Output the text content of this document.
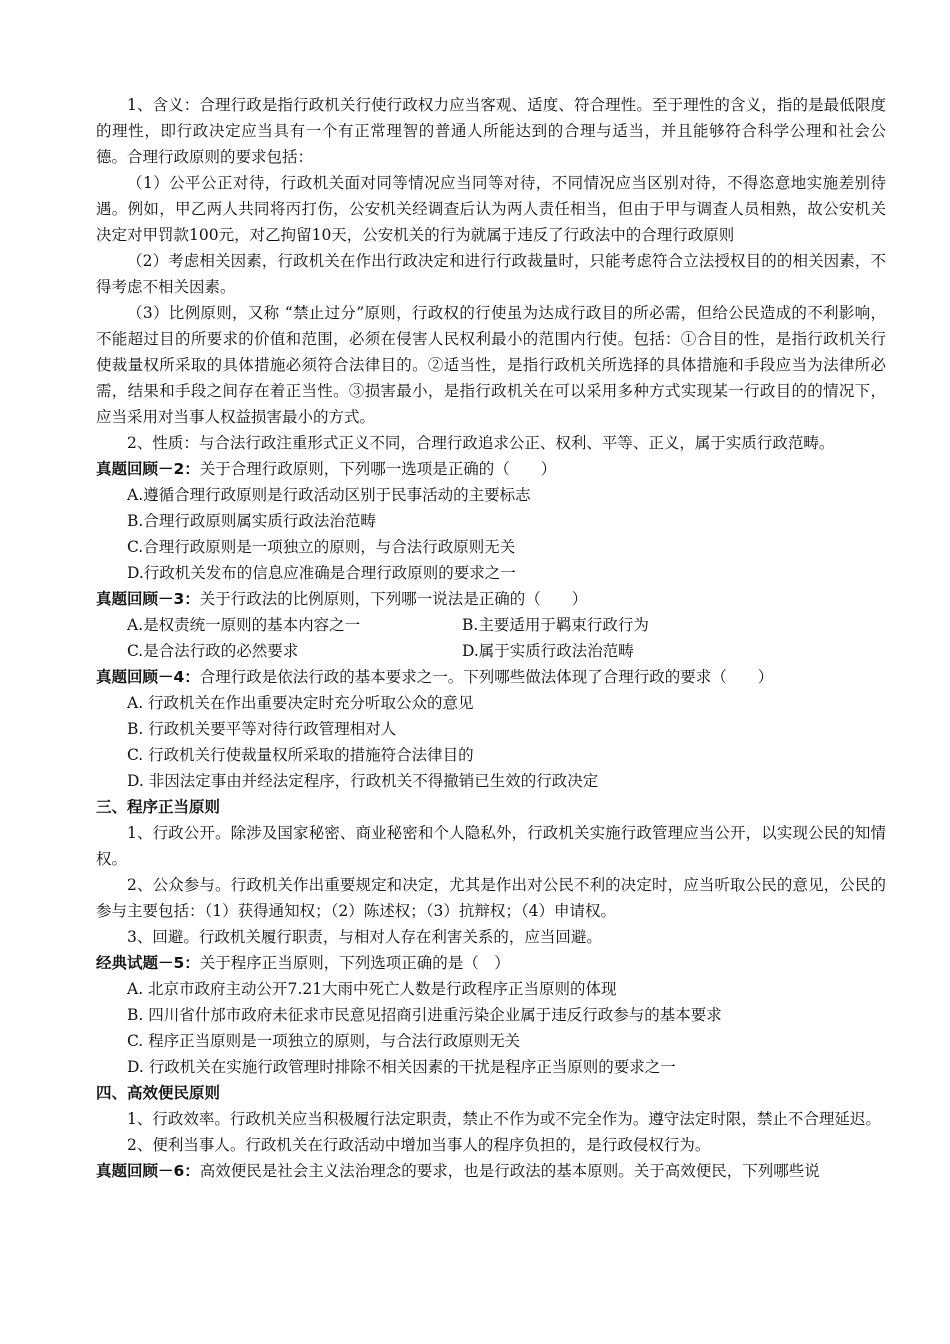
1、含义：合理行政是指行政机关行使行政权力应当客观、适度、符合理性。至于理性的含义，指的是最低限度的理性，即行政决定应当具有一个有正常理智的普通人所能达到的合理与适当，并且能够符合科学公理和社会公德。合理行政原则的要求包括：

（1）公平公正对待，行政机关面对同等情况应当同等对待，不同情况应当区别对待，不得恣意地实施差别待遇。例如，甲乙两人共同将丙打伤，公安机关经调查后认为两人责任相当，但由于甲与调查人员相熟，故公安机关决定对甲罚款100元，对乙拘留10天，公安机关的行为就属于违反了行政法中的合理行政原则

（2）考虑相关因素，行政机关在作出行政决定和进行行政裁量时，只能考虑符合立法授权目的的相关因素，不得考虑不相关因素。

（3）比例原则，又称 “禁止过分”原则，行政权的行使虽为达成行政目的所必需，但给公民造成的不利影响，不能超过目的所要求的价值和范围，必须在侵害人民权利最小的范围内行使。包括：①合目的性，是指行政机关行使裁量权所采取的具体措施必须符合法律目的。②适当性，是指行政机关所选择的具体措施和手段应当为法律所必需，结果和手段之间存在着正当性。③损害最小，是指行政机关在可以采用多种方式实现某一行政目的的情况下，应当采用对当事人权益损害最小的方式。

2、性质：与合法行政注重形式正义不同，合理行政追求公正、权利、平等、正义，属于实质行政范畴。

真题回顾－2：关于合理行政原则，下列哪一选项是正确的（　　）

A.遵循合理行政原则是行政活动区别于民事活动的主要标志

B.合理行政原则属实质行政法治范畴

C.合理行政原则是一项独立的原则，与合法行政原则无关

D.行政机关发布的信息应准确是合理行政原则的要求之一

真题回顾－3：关于行政法的比例原则，下列哪一说法是正确的（　　）

A.是权责统一原则的基本内容之一	B.主要适用于羁束行政行为
C.是合法行政的必然要求	D.属于实质行政法治范畴

真题回顾－4：合理行政是依法行政的基本要求之一。下列哪些做法体现了合理行政的要求（　　）

A. 行政机关在作出重要决定时充分听取公众的意见

B. 行政机关要平等对待行政管理相对人

C. 行政机关行使裁量权所采取的措施符合法律目的

D. 非因法定事由并经法定程序，行政机关不得撤销已生效的行政决定

三、程序正当原则

1、行政公开。除涉及国家秘密、商业秘密和个人隐私外，行政机关实施行政管理应当公开，以实现公民的知情权。

2、公众参与。行政机关作出重要规定和决定，尤其是作出对公民不利的决定时，应当听取公民的意见，公民的参与主要包括：（1）获得通知权；（2）陈述权；（3）抗辩权；（4）申请权。

3、回避。行政机关履行职责，与相对人存在利害关系的，应当回避。

经典试题－5：关于程序正当原则，下列选项正确的是（　）

A. 北京市政府主动公开7.21大雨中死亡人数是行政程序正当原则的体现

B. 四川省什邡市政府未征求市民意见招商引进重污染企业属于违反行政参与的基本要求

C. 程序正当原则是一项独立的原则，与合法行政原则无关

D. 行政机关在实施行政管理时排除不相关因素的干扰是程序正当原则的要求之一

四、高效便民原则

1、行政效率。行政机关应当积极履行法定职责，禁止不作为或不完全作为。遵守法定时限，禁止不合理延迟。

2、便利当事人。行政机关在行政活动中增加当事人的程序负担的，是行政侵权行为。

真题回顾－6：高效便民是社会主义法治理念的要求，也是行政法的基本原则。关于高效便民，下列哪些说
